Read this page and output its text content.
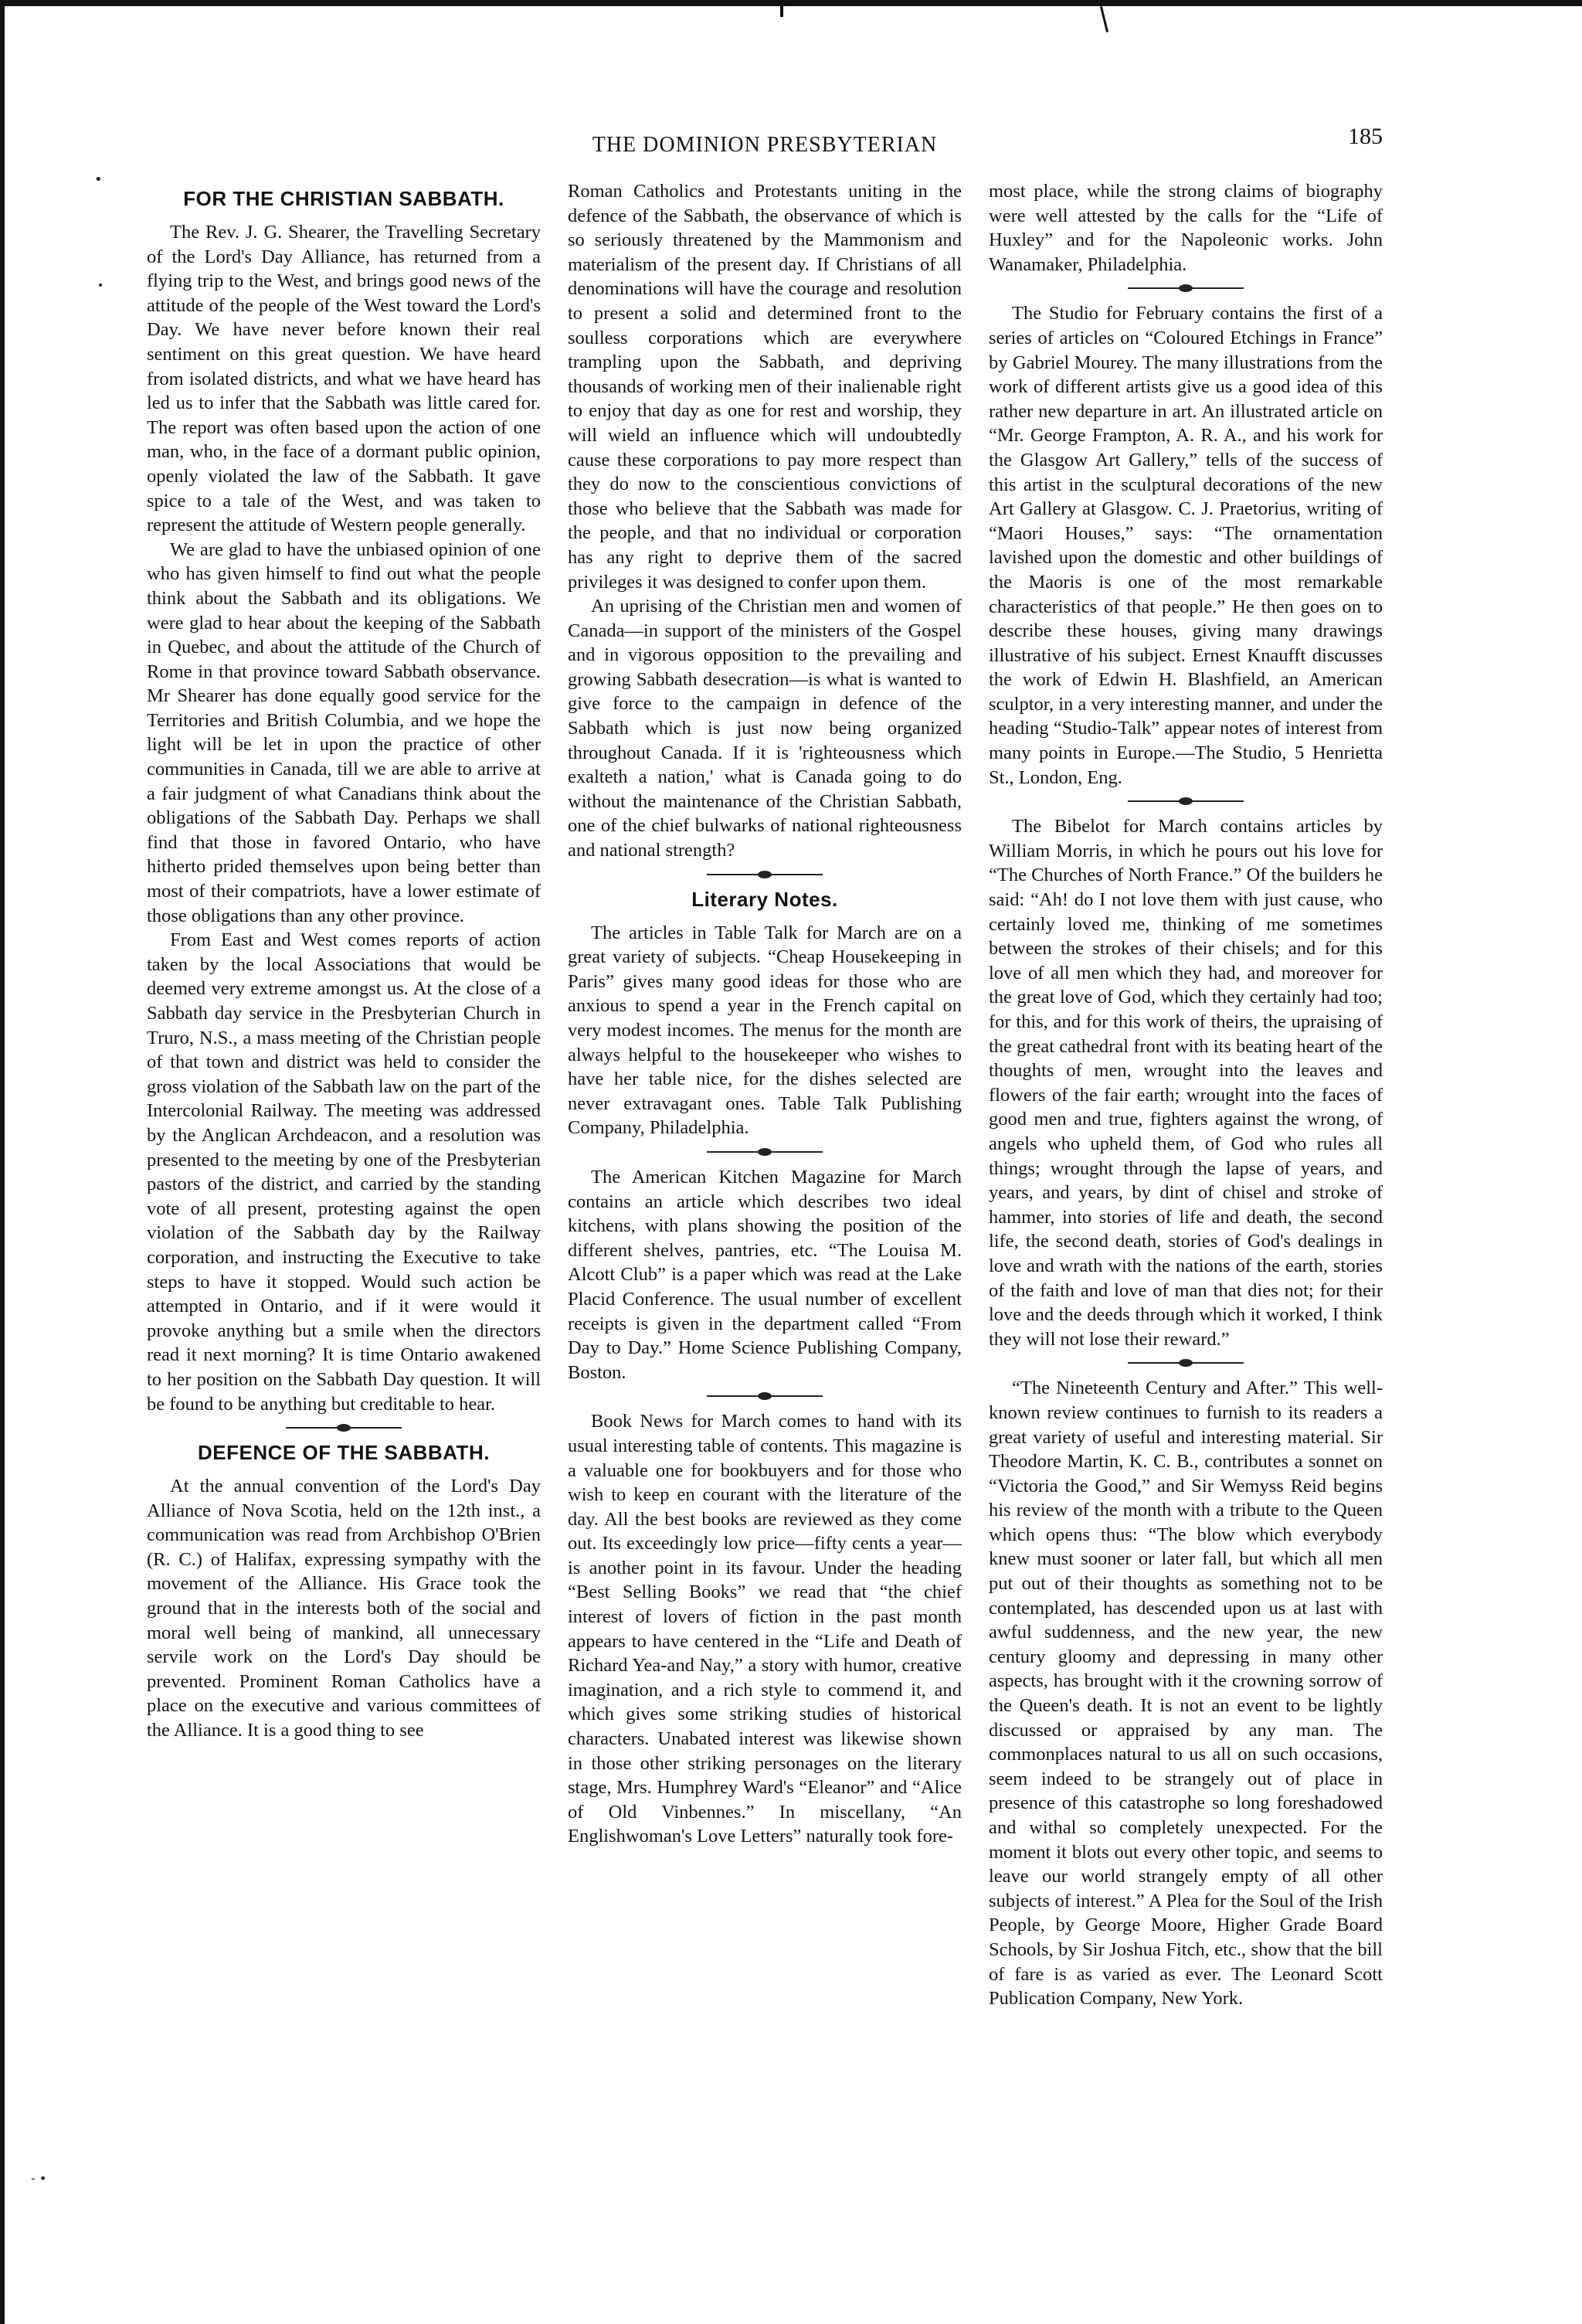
•
•
- •
THE DOMINION PRESBYTERIAN	185
FOR THE CHRISTIAN SABBATH.

The Rev. J. G. Shearer, the Travelling Secretary of the Lord's Day Alliance, has returned from a flying trip to the West, and brings good news of the attitude of the people of the West toward the Lord's Day. We have never before known their real sentiment on this great question. We have heard from isolated districts, and what we have heard has led us to infer that the Sabbath was little cared for. The report was often based upon the action of one man, who, in the face of a dormant public opinion, openly violated the law of the Sabbath. It gave spice to a tale of the West, and was taken to represent the attitude of Western people generally.

We are glad to have the unbiased opinion of one who has given himself to find out what the people think about the Sabbath and its obligations. We were glad to hear about the keeping of the Sabbath in Quebec, and about the attitude of the Church of Rome in that province toward Sabbath observance. Mr Shearer has done equally good service for the Territories and British Columbia, and we hope the light will be let in upon the practice of other communities in Canada, till we are able to arrive at a fair judgment of what Canadians think about the obligations of the Sabbath Day. Perhaps we shall find that those in favored Ontario, who have hitherto prided themselves upon being better than most of their compatriots, have a lower estimate of those obligations than any other province.

From East and West comes reports of action taken by the local Associations that would be deemed very extreme amongst us. At the close of a Sabbath day service in the Presbyterian Church in Truro, N.S., a mass meeting of the Christian people of that town and district was held to consider the gross violation of the Sabbath law on the part of the Intercolonial Railway. The meeting was addressed by the Anglican Archdeacon, and a resolution was presented to the meeting by one of the Presbyterian pastors of the district, and carried by the standing vote of all present, protesting against the open violation of the Sabbath day by the Railway corporation, and instructing the Executive to take steps to have it stopped. Would such action be attempted in Ontario, and if it were would it provoke anything but a smile when the directors read it next morning? It is time Ontario awakened to her position on the Sabbath Day question. It will be found to be anything but creditable to hear.

DEFENCE OF THE SABBATH.

At the annual convention of the Lord's Day Alliance of Nova Scotia, held on the 12th inst., a communication was read from Archbishop O'Brien (R. C.) of Halifax, expressing sympathy with the movement of the Alliance. His Grace took the ground that in the interests both of the social and moral well being of mankind, all unnecessary servile work on the Lord's Day should be prevented. Prominent Roman Catholics have a place on the executive and various committees of the Alliance. It is a good thing to see

Roman Catholics and Protestants uniting in the defence of the Sabbath, the observance of which is so seriously threatened by the Mammonism and materialism of the present day. If Christians of all denominations will have the courage and resolution to present a solid and determined front to the soulless corporations which are everywhere trampling upon the Sabbath, and depriving thousands of working men of their inalienable right to enjoy that day as one for rest and worship, they will wield an influence which will undoubtedly cause these corporations to pay more respect than they do now to the conscientious convictions of those who believe that the Sabbath was made for the people, and that no individual or corporation has any right to deprive them of the sacred privileges it was designed to confer upon them.

An uprising of the Christian men and women of Canada—in support of the ministers of the Gospel and in vigorous opposition to the prevailing and growing Sabbath desecration—is what is wanted to give force to the campaign in defence of the Sabbath which is just now being organized throughout Canada. If it is 'righteousness which exalteth a nation,' what is Canada going to do without the maintenance of the Christian Sabbath, one of the chief bulwarks of national righteousness and national strength?

Literary Notes.

The articles in Table Talk for March are on a great variety of subjects. “Cheap Housekeeping in Paris” gives many good ideas for those who are anxious to spend a year in the French capital on very modest incomes. The menus for the month are always helpful to the housekeeper who wishes to have her table nice, for the dishes selected are never extravagant ones. Table Talk Publishing Company, Philadelphia.

The American Kitchen Magazine for March contains an article which describes two ideal kitchens, with plans showing the position of the different shelves, pantries, etc. “The Louisa M. Alcott Club” is a paper which was read at the Lake Placid Conference. The usual number of excellent receipts is given in the department called “From Day to Day.” Home Science Publishing Company, Boston.

Book News for March comes to hand with its usual interesting table of contents. This magazine is a valuable one for bookbuyers and for those who wish to keep en courant with the literature of the day. All the best books are reviewed as they come out. Its exceedingly low price—fifty cents a year—is another point in its favour. Under the heading “Best Selling Books” we read that “the chief interest of lovers of fiction in the past month appears to have centered in the “Life and Death of Richard Yea-and Nay,” a story with humor, creative imagination, and a rich style to commend it, and which gives some striking studies of historical characters. Unabated interest was likewise shown in those other striking personages on the literary stage, Mrs. Humphrey Ward's “Eleanor” and “Alice of Old Vinbennes.” In miscellany, “An Englishwoman's Love Letters” naturally took fore-

most place, while the strong claims of biography were well attested by the calls for the “Life of Huxley” and for the Napoleonic works. John Wanamaker, Philadelphia.

The Studio for February contains the first of a series of articles on “Coloured Etchings in France” by Gabriel Mourey. The many illustrations from the work of different artists give us a good idea of this rather new departure in art. An illustrated article on “Mr. George Frampton, A. R. A., and his work for the Glasgow Art Gallery,” tells of the success of this artist in the sculptural decorations of the new Art Gallery at Glasgow. C. J. Praetorius, writing of “Maori Houses,” says: “The ornamentation lavished upon the domestic and other buildings of the Maoris is one of the most remarkable characteristics of that people.” He then goes on to describe these houses, giving many drawings illustrative of his subject. Ernest Knaufft discusses the work of Edwin H. Blashfield, an American sculptor, in a very interesting manner, and under the heading “Studio-Talk” appear notes of interest from many points in Europe.—The Studio, 5 Henrietta St., London, Eng.

The Bibelot for March contains articles by William Morris, in which he pours out his love for “The Churches of North France.” Of the builders he said: “Ah! do I not love them with just cause, who certainly loved me, thinking of me sometimes between the strokes of their chisels; and for this love of all men which they had, and moreover for the great love of God, which they certainly had too; for this, and for this work of theirs, the upraising of the great cathedral front with its beating heart of the thoughts of men, wrought into the leaves and flowers of the fair earth; wrought into the faces of good men and true, fighters against the wrong, of angels who upheld them, of God who rules all things; wrought through the lapse of years, and years, and years, by dint of chisel and stroke of hammer, into stories of life and death, the second life, the second death, stories of God's dealings in love and wrath with the nations of the earth, stories of the faith and love of man that dies not; for their love and the deeds through which it worked, I think they will not lose their reward.”

“The Nineteenth Century and After.” This well-known review continues to furnish to its readers a great variety of useful and interesting material. Sir Theodore Martin, K. C. B., contributes a sonnet on “Victoria the Good,” and Sir Wemyss Reid begins his review of the month with a tribute to the Queen which opens thus: “The blow which everybody knew must sooner or later fall, but which all men put out of their thoughts as something not to be contemplated, has descended upon us at last with awful suddenness, and the new year, the new century gloomy and depressing in many other aspects, has brought with it the crowning sorrow of the Queen's death. It is not an event to be lightly discussed or appraised by any man. The commonplaces natural to us all on such occasions, seem indeed to be strangely out of place in presence of this catastrophe so long foreshadowed and withal so completely unexpected. For the moment it blots out every other topic, and seems to leave our world strangely empty of all other subjects of interest.” A Plea for the Soul of the Irish People, by George Moore, Higher Grade Board Schools, by Sir Joshua Fitch, etc., show that the bill of fare is as varied as ever. The Leonard Scott Publication Company, New York.
